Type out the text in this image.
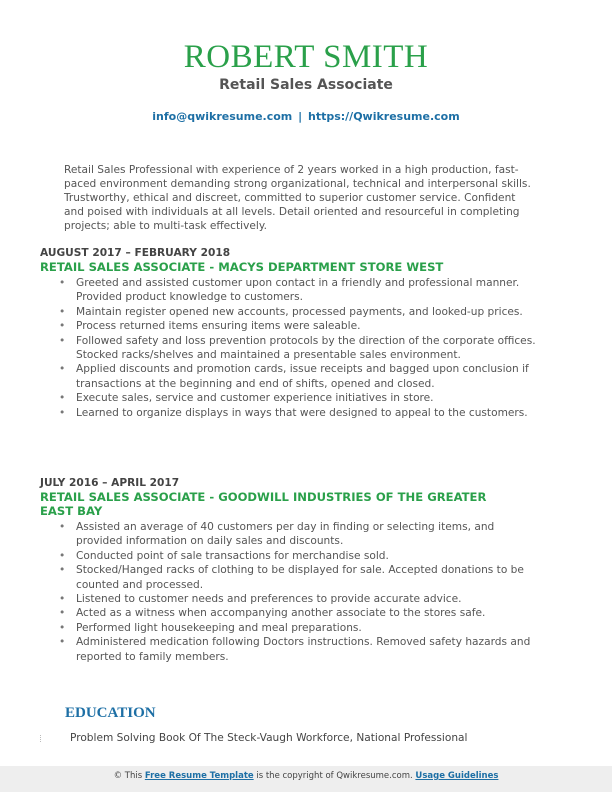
ROBERT SMITH
Retail Sales Associate
info@qwikresume.com | https://Qwikresume.com
Retail Sales Professional with experience of 2 years worked in a high production, fast-paced environment demanding strong organizational, technical and interpersonal skills. Trustworthy, ethical and discreet, committed to superior customer service. Confident and poised with individuals at all levels. Detail oriented and resourceful in completing projects; able to multi-task effectively.
AUGUST 2017 – FEBRUARY 2018
RETAIL SALES ASSOCIATE - MACYS DEPARTMENT STORE WEST
• Greeted and assisted customer upon contact in a friendly and professional manner. Provided product knowledge to customers.
• Maintain register opened new accounts, processed payments, and looked-up prices.
• Process returned items ensuring items were saleable.
• Followed safety and loss prevention protocols by the direction of the corporate offices. Stocked racks/shelves and maintained a presentable sales environment.
• Applied discounts and promotion cards, issue receipts and bagged upon conclusion if transactions at the beginning and end of shifts, opened and closed.
• Execute sales, service and customer experience initiatives in store.
• Learned to organize displays in ways that were designed to appeal to the customers.
JULY 2016 – APRIL 2017
RETAIL SALES ASSOCIATE - GOODWILL INDUSTRIES OF THE GREATER EAST BAY
• Assisted an average of 40 customers per day in finding or selecting items, and provided information on daily sales and discounts.
• Conducted point of sale transactions for merchandise sold.
• Stocked/Hanged racks of clothing to be displayed for sale. Accepted donations to be counted and processed.
• Listened to customer needs and preferences to provide accurate advice.
• Acted as a witness when accompanying another associate to the stores safe.
• Performed light housekeeping and meal preparations.
• Administered medication following Doctors instructions. Removed safety hazards and reported to family members.
EDUCATION
Problem Solving Book Of The Steck-Vaugh Workforce, National Professional
© This Free Resume Template is the copyright of Qwikresume.com. Usage Guidelines
